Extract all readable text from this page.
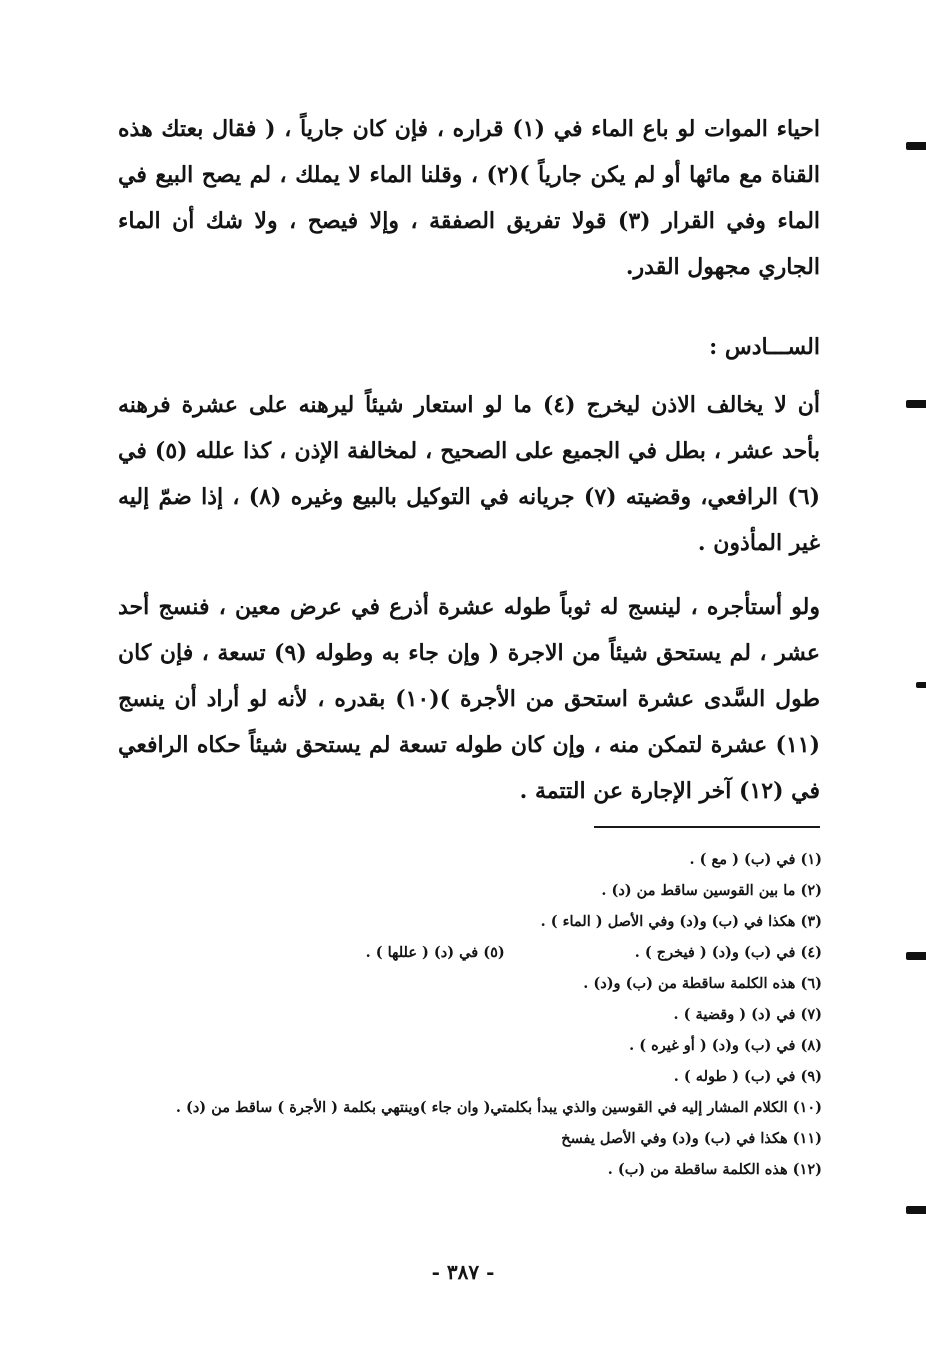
احياء الموات لو باع الماء في (١) قراره ، فإن كان جارياً ، ( فقال بعتك هذه القناة مع مائها أو لم يكن جارياً )(٢) ، وقلنا الماء لا يملك ، لم يصح البيع في الماء وفي القرار (٣) قولا تفريق الصفقة ، وإلا فيصح ، ولا شك أن الماء الجاري مجهول القدر.
الســـادس :
أن لا يخالف الاذن ليخرج (٤) ما لو استعار شيئاً ليرهنه على عشرة فرهنه بأحد عشر ، بطل في الجميع على الصحيح ، لمخالفة الإذن ، كذا علله (٥) في (٦) الرافعي، وقضيته (٧) جريانه في التوكيل بالبيع وغيره (٨) ، إذا ضمّ إليه غير المأذون .
ولو أستأجره ، لينسج له ثوباً طوله عشرة أذرع في عرض معين ، فنسج أحد عشر ، لم يستحق شيئاً من الاجرة ( وإن جاء به وطوله (٩) تسعة ، فإن كان طول السَّدى عشرة استحق من الأجرة )(١٠) بقدره ، لأنه لو أراد أن ينسج (١١) عشرة لتمكن منه ، وإن كان طوله تسعة لم يستحق شيئاً حكاه الرافعي في (١٢) آخر الإجارة عن التتمة .
(١) في (ب) ( مع ) .
(٢) ما بين القوسين ساقط من (د) .
(٣) هكذا في (ب) و(د) وفي الأصل ( الماء ) .
(٤) في (ب) و(د) ( فيخرج ) .
(٥) في (د) ( عللها ) .
(٦) هذه الكلمة ساقطة من (ب) و(د) .
(٧) في (د) ( وقضية ) .
(٨) في (ب) و(د) ( أو غيره ) .
(٩) في (ب) ( طوله ) .
(١٠) الكلام المشار إليه في القوسين والذي يبدأ بكلمتي( وان جاء )وينتهي بكلمة ( الأجرة ) ساقط من (د) .
(١١) هكذا في (ب) و(د) وفي الأصل يفسخ
(١٢) هذه الكلمة ساقطة من (ب) .
- ٣٨٧ -
